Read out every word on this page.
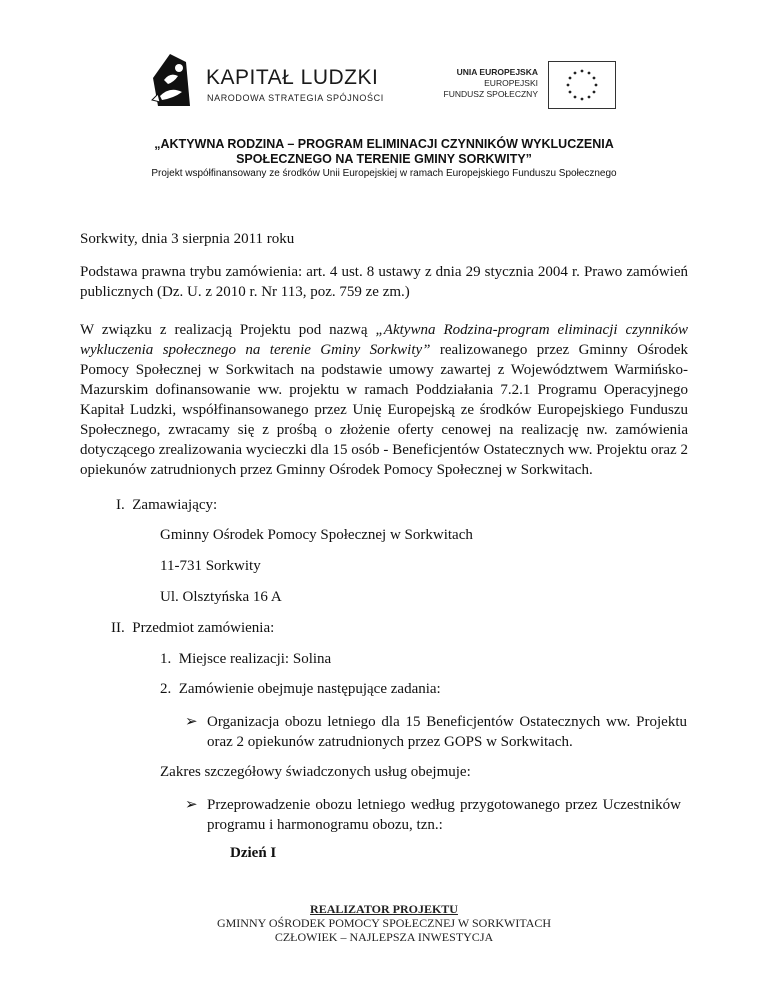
KAPITAŁ LUDZKI
NARODOWA STRATEGIA SPÓJNOŚCI
UNIA EUROPEJSKA
EUROPEJSKI
FUNDUSZ SPOŁECZNY
„AKTYWNA RODZINA – PROGRAM ELIMINACJI CZYNNIKÓW WYKLUCZENIA
SPOŁECZNEGO NA TERENIE GMINY SORKWITY”
Projekt współfinansowany ze środków Unii Europejskiej w ramach Europejskiego Funduszu Społecznego
Sorkwity, dnia 3 sierpnia 2011 roku
Podstawa prawna trybu zamówienia: art. 4 ust. 8 ustawy z dnia 29 stycznia 2004 r. Prawo zamówień publicznych (Dz. U. z 2010 r. Nr 113, poz. 759 ze zm.)
W związku z realizacją Projektu pod nazwą „Aktywna Rodzina-program eliminacji czynników wykluczenia społecznego na terenie Gminy Sorkwity” realizowanego przez Gminny Ośrodek Pomocy Społecznej w Sorkwitach na podstawie umowy zawartej z Województwem Warmińsko-Mazurskim dofinansowanie ww. projektu w ramach Poddziałania 7.2.1 Programu Operacyjnego Kapitał Ludzki, współfinansowanego przez Unię Europejską ze środków Europejskiego Funduszu Społecznego, zwracamy się z prośbą o złożenie oferty cenowej na realizację nw. zamówienia dotyczącego zrealizowania wycieczki dla 15 osób - Beneficjentów Ostatecznych ww. Projektu oraz 2 opiekunów zatrudnionych przez Gminny Ośrodek Pomocy Społecznej w Sorkwitach.
I. Zamawiający:
Gminny Ośrodek Pomocy Społecznej w Sorkwitach
11-731 Sorkwity
Ul. Olsztyńska 16 A
II. Przedmiot zamówienia:
1. Miejsce realizacji: Solina
2. Zamówienie obejmuje następujące zadania:
➢ Organizacja obozu letniego dla 15 Beneficjentów Ostatecznych ww. Projektu oraz 2 opiekunów zatrudnionych przez GOPS w Sorkwitach.
Zakres szczegółowy świadczonych usług obejmuje:
➢ Przeprowadzenie obozu letniego według przygotowanego przez Uczestników programu i harmonogramu obozu, tzn.:
Dzień I
REALIZATOR PROJEKTU
GMINNY OŚRODEK POMOCY SPOŁECZNEJ W SORKWITACH
CZŁOWIEK – NAJLEPSZA INWESTYCJA
